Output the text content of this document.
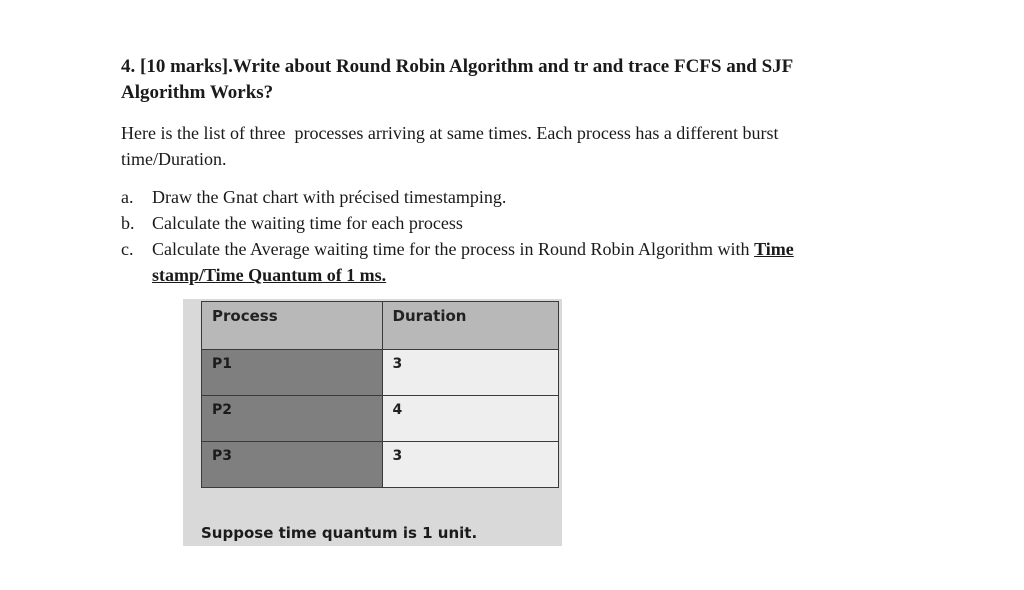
4. [10 marks].Write about Round Robin Algorithm and tr and trace FCFS and SJF
Algorithm Works?

Here is the list of three  processes arriving at same times. Each process has a different burst
time/Duration.

a. Draw the Gnat chart with précised timestamping.
b. Calculate the waiting time for each process
c. Calculate the Average waiting time for the process in Round Robin Algorithm with Time
stamp/Time Quantum of 1 ms.
Process	Duration
P1	3
P2	4
P3	3
Suppose time quantum is 1 unit.
